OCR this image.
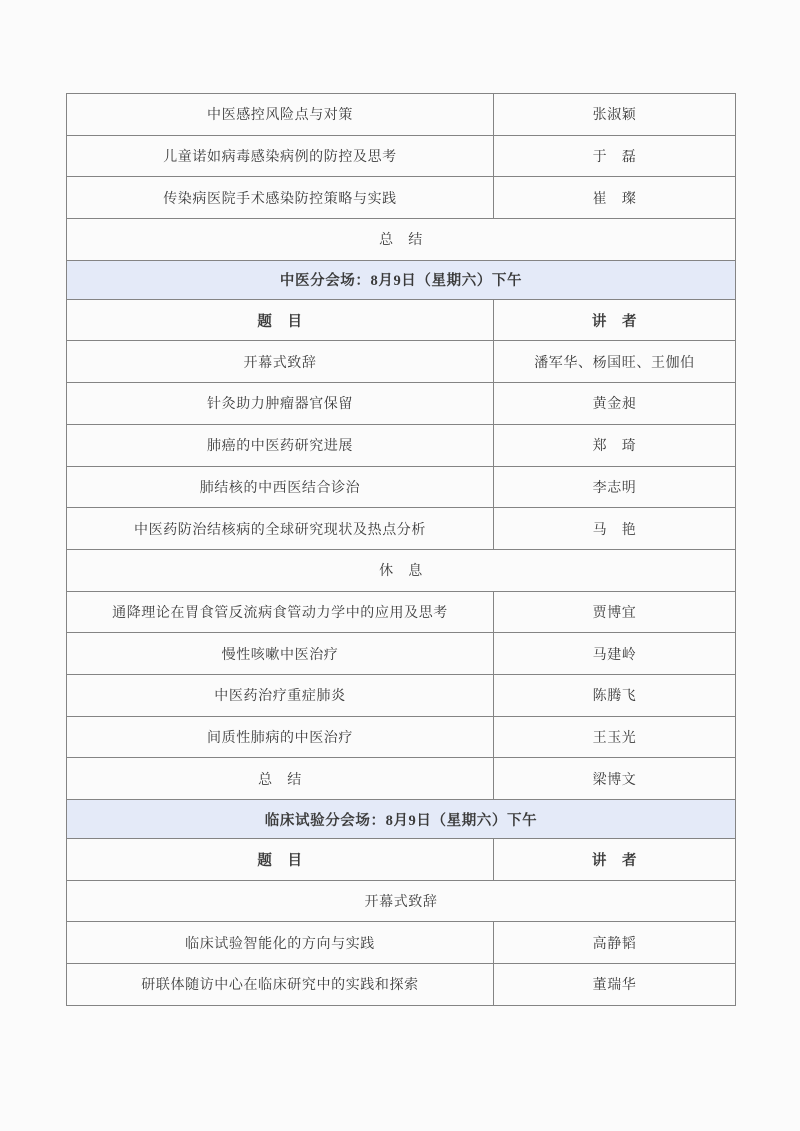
中医感控风险点与对策	张淑颖
儿童诺如病毒感染病例的防控及思考	于　磊
传染病医院手术感染防控策略与实践	崔　璨
总　结	
中医分会场：8月9日（星期六）下午	
题　目	讲　者
开幕式致辞	潘军华、杨国旺、王伽伯
针灸助力肿瘤器官保留	黄金昶
肺癌的中医药研究进展	郑　琦
肺结核的中西医结合诊治	李志明
中医药防治结核病的全球研究现状及热点分析	马　艳
休　息	
通降理论在胃食管反流病食管动力学中的应用及思考	贾博宜
慢性咳嗽中医治疗	马建岭
中医药治疗重症肺炎	陈腾飞
间质性肺病的中医治疗	王玉光
总　结	梁博文
临床试验分会场：8月9日（星期六）下午	
题　目	讲　者
开幕式致辞	
临床试验智能化的方向与实践	高静韬
研联体随访中心在临床研究中的实践和探索	董瑞华
